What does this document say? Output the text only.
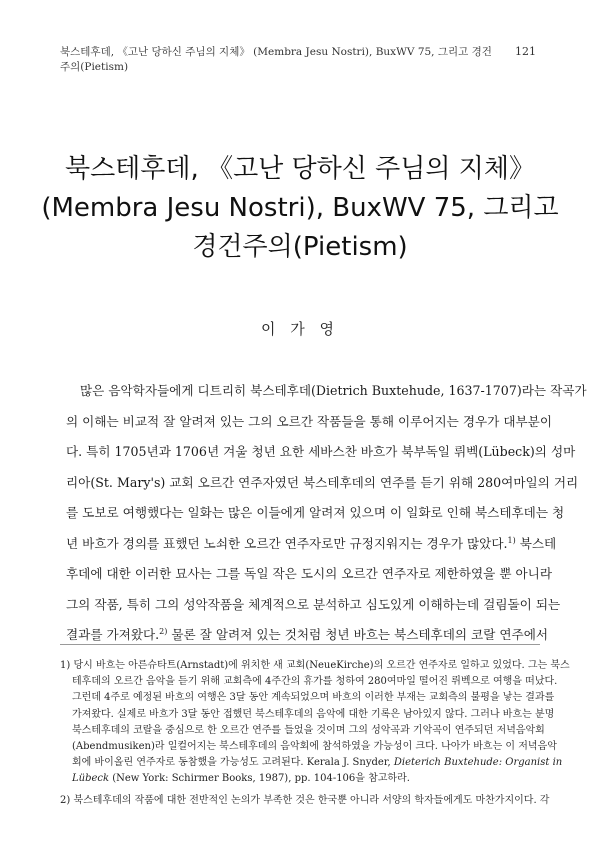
북스테후데, 《고난 당하신 주님의 지체》 (Membra Jesu Nostri), BuxWV 75, 그리고 경건주의(Pietism)
121
북스테후데, 《고난 당하신 주님의 지체》
(Membra Jesu Nostri), BuxWV 75, 그리고
경건주의(Pietism)
이 가 영
많은 음악학자들에게 디트리히 북스테후데(Dietrich Buxtehude, 1637-1707)라는 작곡가
의 이해는 비교적 잘 알려져 있는 그의 오르간 작품들을 통해 이루어지는 경우가 대부분이
다. 특히 1705년과 1706년 겨울 청년 요한 세바스찬 바흐가 북부독일 뤼벡(Lübeck)의 성마
리아(St. Mary's) 교회 오르간 연주자였던 북스테후데의 연주를 듣기 위해 280여마일의 거리
를 도보로 여행했다는 일화는 많은 이들에게 알려져 있으며 이 일화로 인해 북스테후데는 청
년 바흐가 경의를 표했던 노쇠한 오르간 연주자로만 규정지워지는 경우가 많았다.$^{1)}$ 북스테
후데에 대한 이러한 묘사는 그를 독일 작은 도시의 오르간 연주자로 제한하였을 뿐 아니라
그의 작품, 특히 그의 성악작품을 체계적으로 분석하고 심도있게 이해하는데 걸림돌이 되는
결과를 가져왔다.$^{2)}$ 물론 잘 알려져 있는 것처럼 청년 바흐는 북스테후데의 코랄 연주에서
1) 당시 바흐는 아른슈타트(Arnstadt)에 위치한 새 교회(NeueKirche)의 오르간 연주자로 일하고 있었다. 그는 북스
테후데의 오르간 음악을 듣기 위해 교회측에 4주간의 휴가를 청하여 280여마일 떨어진 뤼벡으로 여행을 떠났다.
그런데 4주로 예정된 바흐의 여행은 3달 동안 계속되었으며 바흐의 이러한 부재는 교회측의 불평을 낳는 결과를
가져왔다. 실제로 바흐가 3달 동안 접했던 북스테후데의 음악에 대한 기록은 남아있지 않다. 그러나 바흐는 분명
북스테후데의 코랄을 중심으로 한 오르간 연주를 들었을 것이며 그의 성악곡과 기악곡이 연주되던 저녁음악회
(Abendmusiken)라 일컬어지는 북스테후데의 음악회에 참석하였을 가능성이 크다. 나아가 바흐는 이 저녁음악
회에 바이올린 연주자로 동참했을 가능성도 고려된다. Kerala J. Snyder, Dieterich Buxtehude: Organist in
Lübeck (New York: Schirmer Books, 1987), pp. 104-106을 참고하라.
2) 북스테후데의 작품에 대한 전반적인 논의가 부족한 것은 한국뿐 아니라 서양의 학자들에게도 마찬가지이다. 각
